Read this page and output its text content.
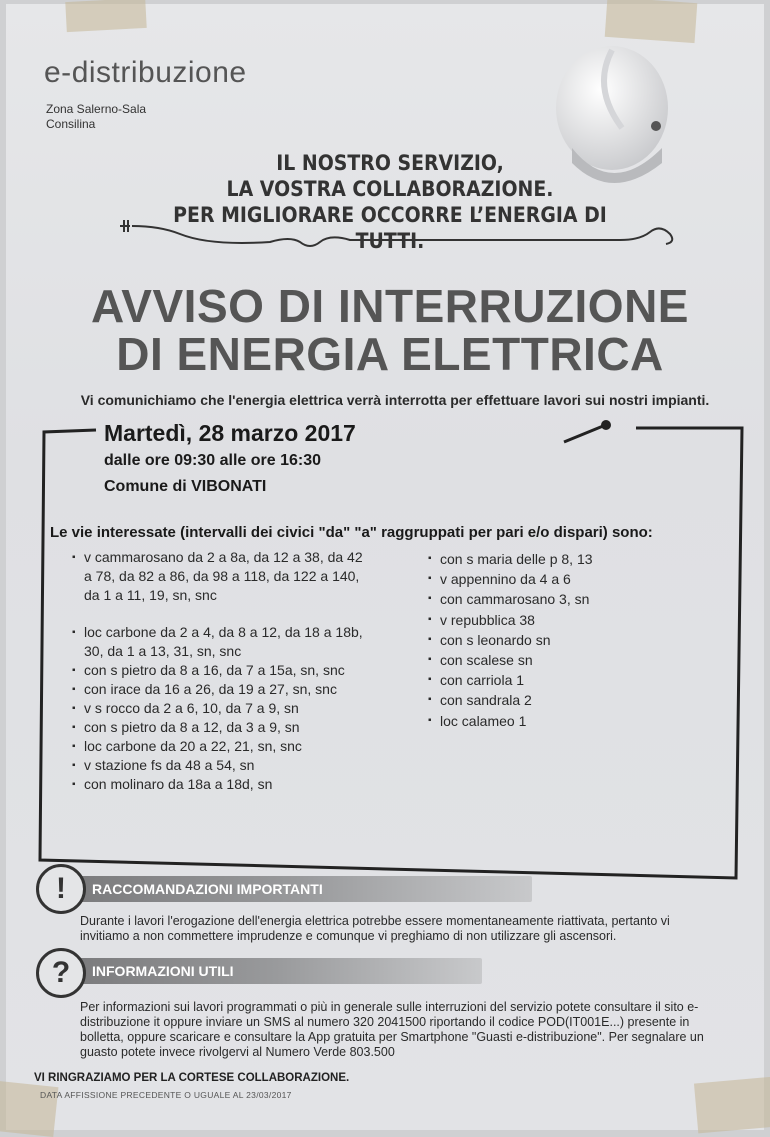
e-distribuzione
Zona Salerno-Sala
Consilina
IL NOSTRO SERVIZIO,
LA VOSTRA COLLABORAZIONE.
PER MIGLIORARE OCCORRE L’ENERGIA DI TUTTI.
AVVISO DI INTERRUZIONE
DI ENERGIA ELETTRICA
Vi comunichiamo che l'energia elettrica verrà interrotta per effettuare lavori sui nostri impianti.
Martedì, 28 marzo 2017
dalle ore 09:30 alle ore 16:30
Comune di VIBONATI
Le vie interessate (intervalli dei civici "da" "a" raggruppati per pari e/o dispari) sono:
▪ v cammarosano da 2 a 8a, da 12 a 38, da 42 a 78, da 82 a 86, da 98 a 118, da 122 a 140, da 1 a 11, 19, sn, snc
▪ loc carbone da 2 a 4, da 8 a 12, da 18 a 18b, 30, da 1 a 13, 31, sn, snc
▪ con s pietro da 8 a 16, da 7 a 15a, sn, snc
▪ con irace da 16 a 26, da 19 a 27, sn, snc
▪ v s rocco da 2 a 6, 10, da 7 a 9, sn
▪ con s pietro da 8 a 12, da 3 a 9, sn
▪ loc carbone da 20 a 22, 21, sn, snc
▪ v stazione fs da 48 a 54, sn
▪ con molinaro da 18a a 18d, sn
▪ con s maria delle p 8, 13
▪ v appennino da 4 a 6
▪ con cammarosano 3, sn
▪ v repubblica 38
▪ con s leonardo sn
▪ con scalese sn
▪ con carriola 1
▪ con sandrala 2
▪ loc calameo 1
RACCOMANDAZIONI IMPORTANTI
!
Durante i lavori l'erogazione dell'energia elettrica potrebbe essere momentaneamente riattivata, pertanto vi invitiamo a non commettere imprudenze e comunque vi preghiamo di non utilizzare gli ascensori.
INFORMAZIONI UTILI
?
Per informazioni sui lavori programmati o più in generale sulle interruzioni del servizio potete consultare il sito e-distribuzione it oppure inviare un SMS al numero 320 2041500 riportando il codice POD(IT001E...) presente in bolletta, oppure scaricare e consultare la App gratuita per Smartphone "Guasti e-distribuzione". Per segnalare un guasto potete invece rivolgervi al Numero Verde 803.500
VI RINGRAZIAMO PER LA CORTESE COLLABORAZIONE.
DATA AFFISSIONE PRECEDENTE O UGUALE AL 23/03/2017
